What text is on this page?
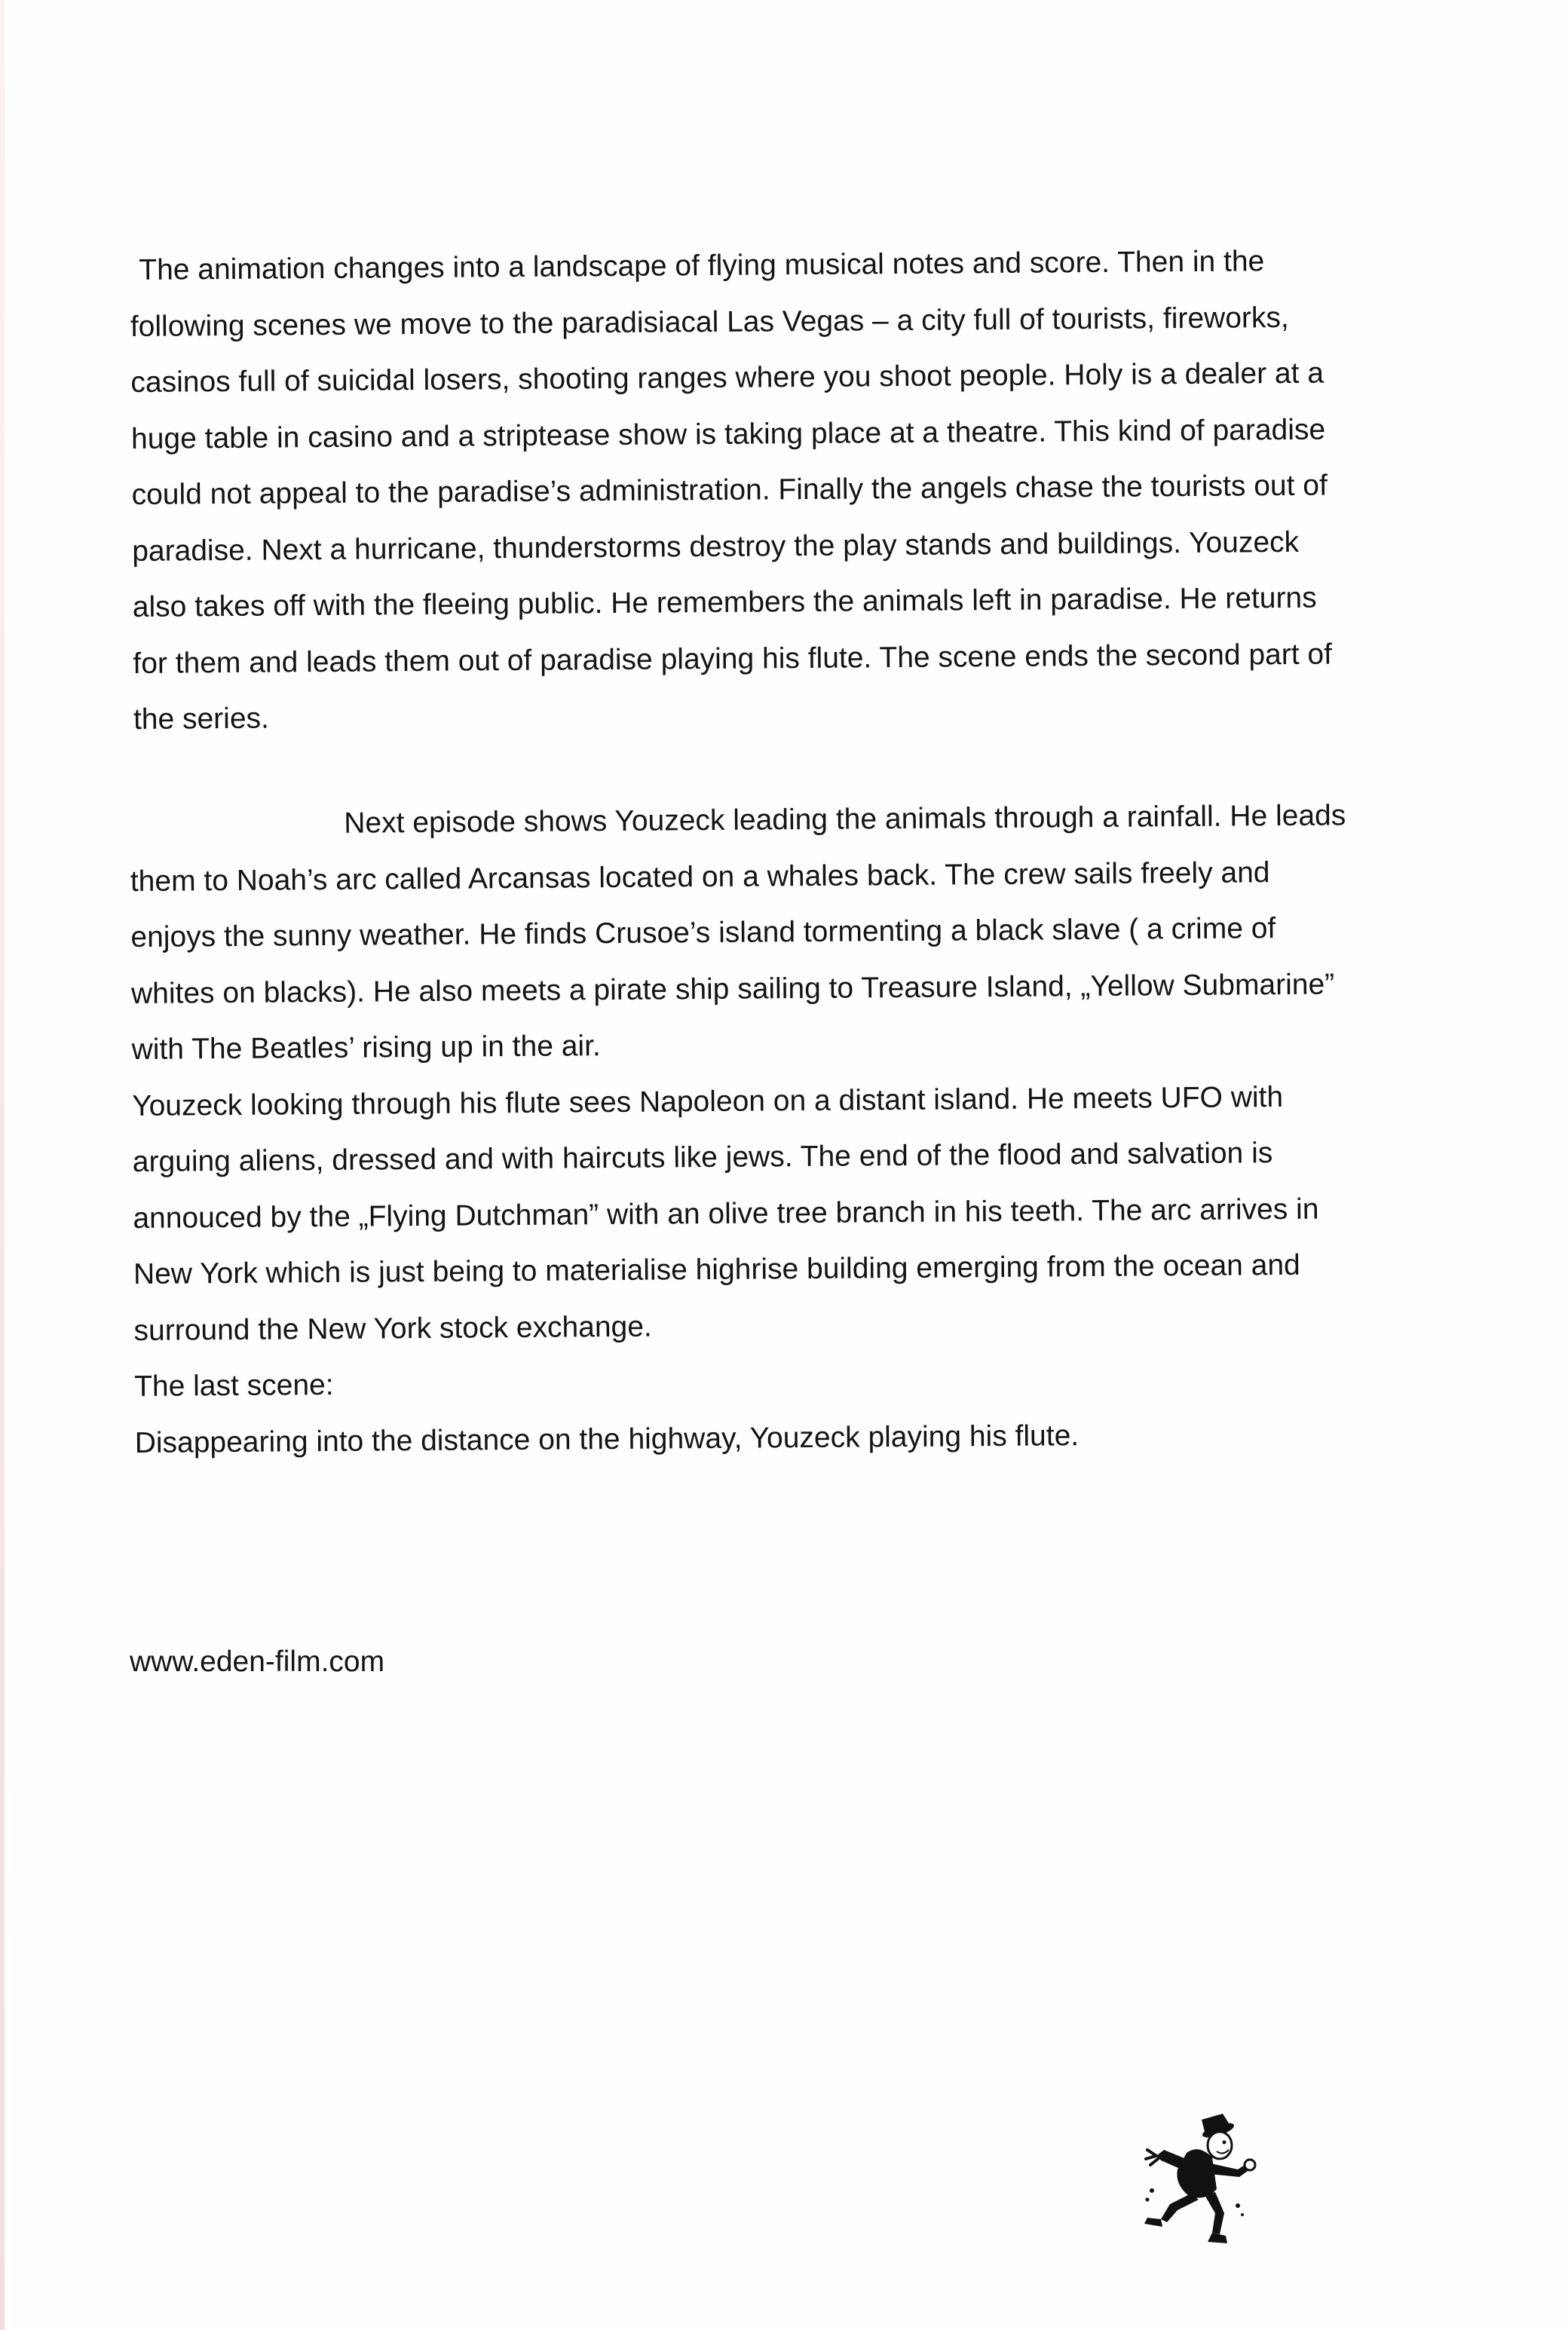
The animation changes into a landscape of flying musical notes and score. Then in the
following scenes we move to the paradisiacal Las Vegas – a city full of tourists, fireworks,
casinos full of suicidal losers, shooting ranges where you shoot people. Holy is a dealer at a
huge table in casino and a striptease show is taking place at a theatre. This kind of paradise
could not appeal to the paradise’s administration. Finally the angels chase the tourists out of
paradise. Next a hurricane, thunderstorms destroy the play stands and buildings. Youzeck
also takes off with the fleeing public. He remembers the animals left in paradise. He returns
for them and leads them out of paradise playing his flute. The scene ends the second part of
the series.
Next episode shows Youzeck leading the animals through a rainfall. He leads
them to Noah’s arc called Arcansas located on a whales back. The crew sails freely and
enjoys the sunny weather. He finds Crusoe’s island tormenting a black slave ( a crime of
whites on blacks). He also meets a pirate ship sailing to Treasure Island, „Yellow Submarine”
with The Beatles’ rising up in the air.
Youzeck looking through his flute sees Napoleon on a distant island. He meets UFO with
arguing aliens, dressed and with haircuts like jews. The end of the flood and salvation is
annouced by the „Flying Dutchman” with an olive tree branch in his teeth. The arc arrives in
New York which is just being to materialise highrise building emerging from the ocean and
surround the New York stock exchange.
The last scene:
Disappearing into the distance on the highway, Youzeck playing his flute.
www.eden-film.com
